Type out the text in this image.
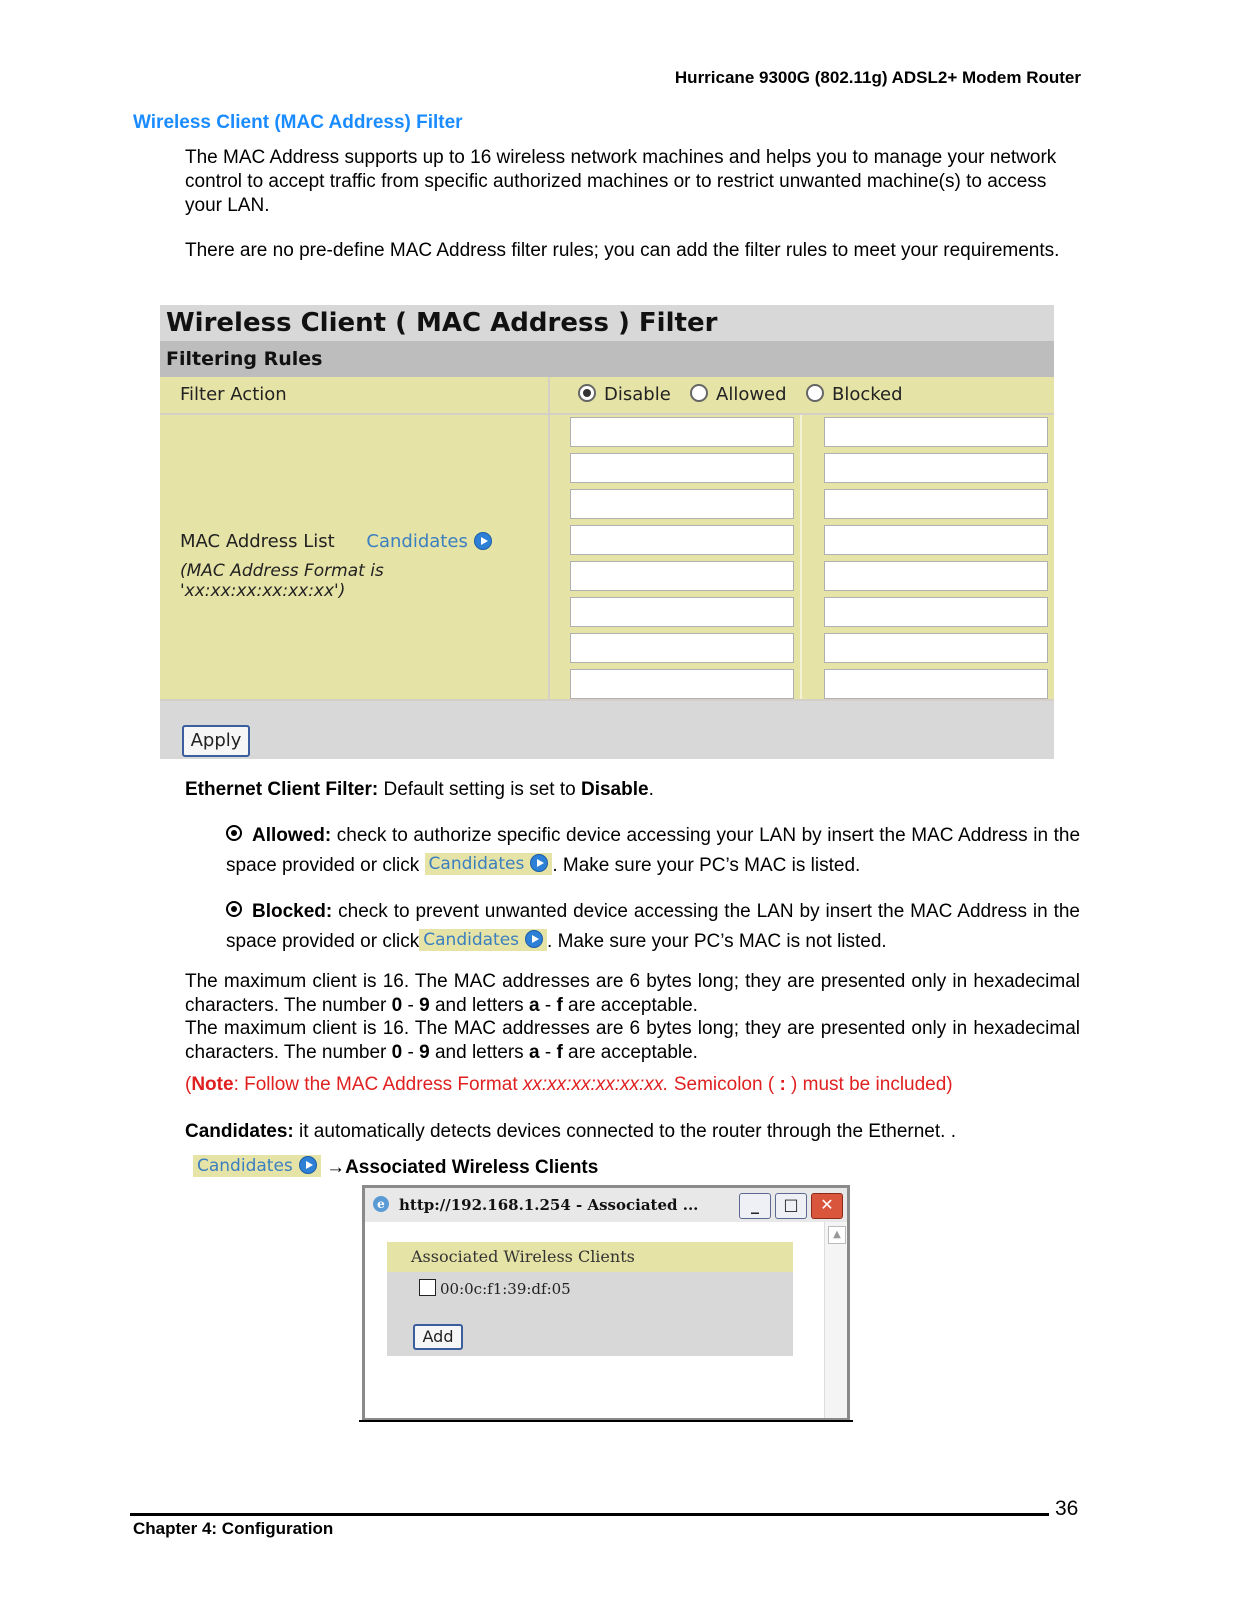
Hurricane 9300G (802.11g) ADSL2+ Modem Router
Wireless Client (MAC Address) Filter
The MAC Address supports up to 16 wireless network machines and helps you to manage your network control to accept traffic from specific authorized machines or to restrict unwanted machine(s) to access your LAN.
There are no pre-define MAC Address filter rules; you can add the filter rules to meet your requirements.
Wireless Client ( MAC Address ) Filter
Filtering Rules
Filter Action	Disable	Allowed	Blocked
MAC Address List Candidates
(MAC Address Format is 'xx:xx:xx:xx:xx:xx')
Apply
Ethernet Client Filter: Default setting is set to Disable.
Allowed: check to authorize specific device accessing your LAN by insert the MAC Address in the space provided or click Candidates . Make sure your PC’s MAC is listed.
Blocked: check to prevent unwanted device accessing the LAN by insert the MAC Address in the space provided or click Candidates . Make sure your PC’s MAC is not listed.
The maximum client is 16. The MAC addresses are 6 bytes long; they are presented only in hexadecimal characters. The number 0 - 9 and letters a - f are acceptable.
The maximum client is 16. The MAC addresses are 6 bytes long; they are presented only in hexadecimal characters. The number 0 - 9 and letters a - f are acceptable.
(Note: Follow the MAC Address Format xx:xx:xx:xx:xx:xx. Semicolon ( : ) must be included)
Candidates: it automatically detects devices connected to the router through the Ethernet. .
Candidates →Associated Wireless Clients
e http://192.168.1.254 - Associated ...	_	□	✕
Associated Wireless Clients
00:0c:f1:39:df:05
Add
▲
36
Chapter 4: Configuration
